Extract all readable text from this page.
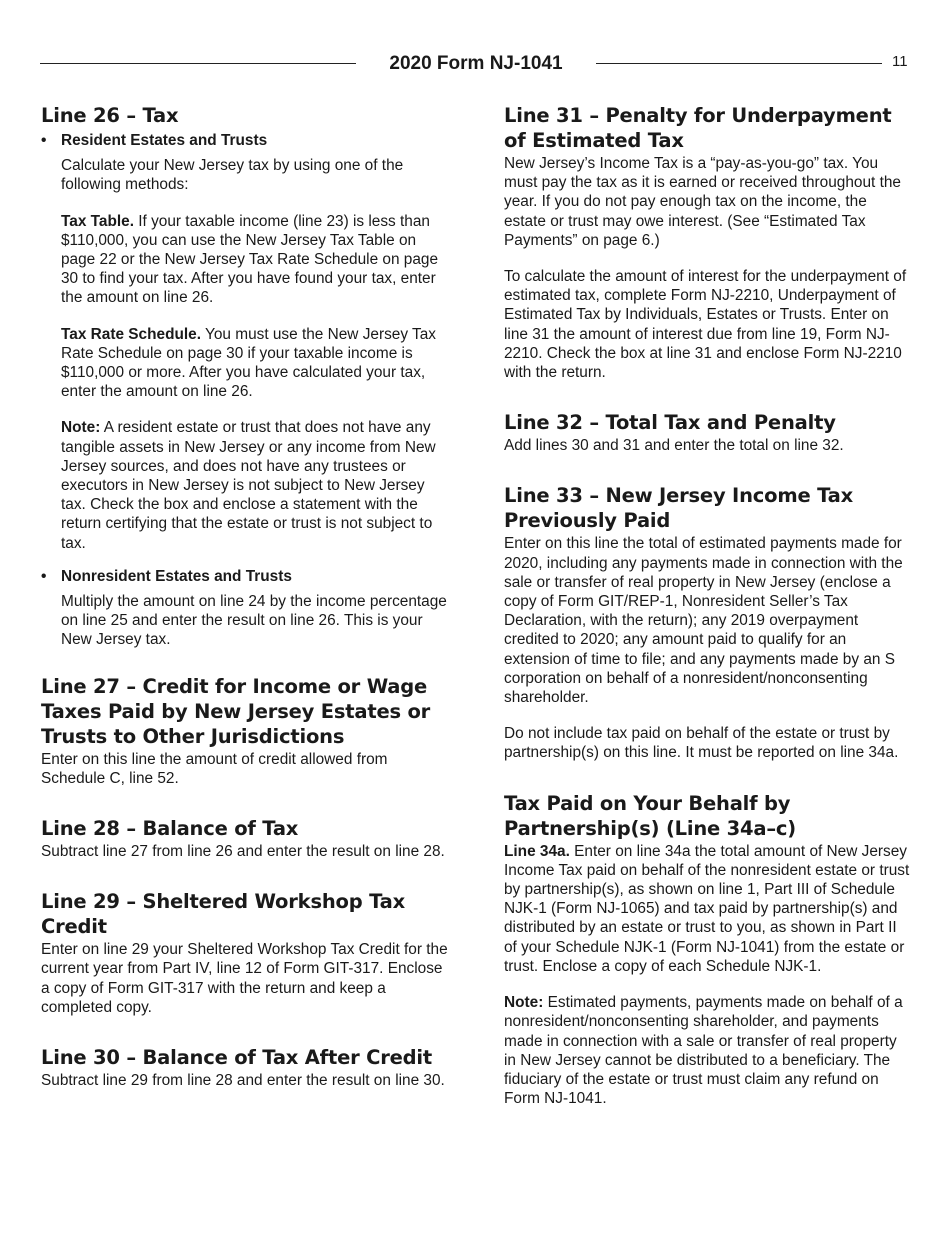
2020 Form NJ-1041	11
Line 26 – Tax
• Resident Estates and Trusts

Calculate your New Jersey tax by using one of the following methods:

Tax Table. If your taxable income (line 23) is less than $110,000, you can use the New Jersey Tax Table on page 22 or the New Jersey Tax Rate Schedule on page 30 to find your tax. After you have found your tax, enter the amount on line 26.

Tax Rate Schedule. You must use the New Jersey Tax Rate Schedule on page 30 if your taxable income is $110,000 or more. After you have calculated your tax, enter the amount on line 26.

Note: A resident estate or trust that does not have any tangible assets in New Jersey or any income from New Jersey sources, and does not have any trustees or executors in New Jersey is not subject to New Jersey tax. Check the box and enclose a statement with the return certifying that the estate or trust is not subject to tax.

• Nonresident Estates and Trusts

Multiply the amount on line 24 by the income percentage on line 25 and enter the result on line 26. This is your New Jersey tax.

Line 27 – Credit for Income or Wage Taxes Paid by New Jersey Estates or Trusts to Other Jurisdictions

Enter on this line the amount of credit allowed from Schedule C, line 52.

Line 28 – Balance of Tax

Subtract line 27 from line 26 and enter the result on line 28.

Line 29 – Sheltered Workshop Tax Credit

Enter on line 29 your Sheltered Workshop Tax Credit for the current year from Part IV, line 12 of Form GIT-317. Enclose a copy of Form GIT-317 with the return and keep a completed copy.

Line 30 – Balance of Tax After Credit

Subtract line 29 from line 28 and enter the result on line 30.

Line 31 – Penalty for Underpayment of Estimated Tax

New Jersey’s Income Tax is a “pay-as-you-go” tax. You must pay the tax as it is earned or received throughout the year. If you do not pay enough tax on the income, the estate or trust may owe interest. (See “Estimated Tax Payments” on page 6.)

To calculate the amount of interest for the underpayment of estimated tax, complete Form NJ-2210, Underpayment of Estimated Tax by Individuals, Estates or Trusts. Enter on line 31 the amount of interest due from line 19, Form NJ-2210. Check the box at line 31 and enclose Form NJ-2210 with the return.

Line 32 – Total Tax and Penalty

Add lines 30 and 31 and enter the total on line 32.

Line 33 – New Jersey Income Tax Previously Paid

Enter on this line the total of estimated payments made for 2020, including any payments made in connection with the sale or transfer of real property in New Jersey (enclose a copy of Form GIT/REP-1, Nonresident Seller’s Tax Declaration, with the return); any 2019 overpayment credited to 2020; any amount paid to qualify for an extension of time to file; and any payments made by an S corporation on behalf of a nonresident/nonconsenting shareholder.

Do not include tax paid on behalf of the estate or trust by partnership(s) on this line. It must be reported on line 34a.

Tax Paid on Your Behalf by Partnership(s) (Line 34a–c)

Line 34a. Enter on line 34a the total amount of New Jersey Income Tax paid on behalf of the nonresident estate or trust by partnership(s), as shown on line 1, Part III of Schedule NJK-1 (Form NJ-1065) and tax paid by partnership(s) and distributed by an estate or trust to you, as shown in Part II of your Schedule NJK-1 (Form NJ-1041) from the estate or trust. Enclose a copy of each Schedule NJK-1.

Note: Estimated payments, payments made on behalf of a nonresident/nonconsenting shareholder, and payments made in connection with a sale or transfer of real property in New Jersey cannot be distributed to a beneficiary. The fiduciary of the estate or trust must claim any refund on Form NJ-1041.
